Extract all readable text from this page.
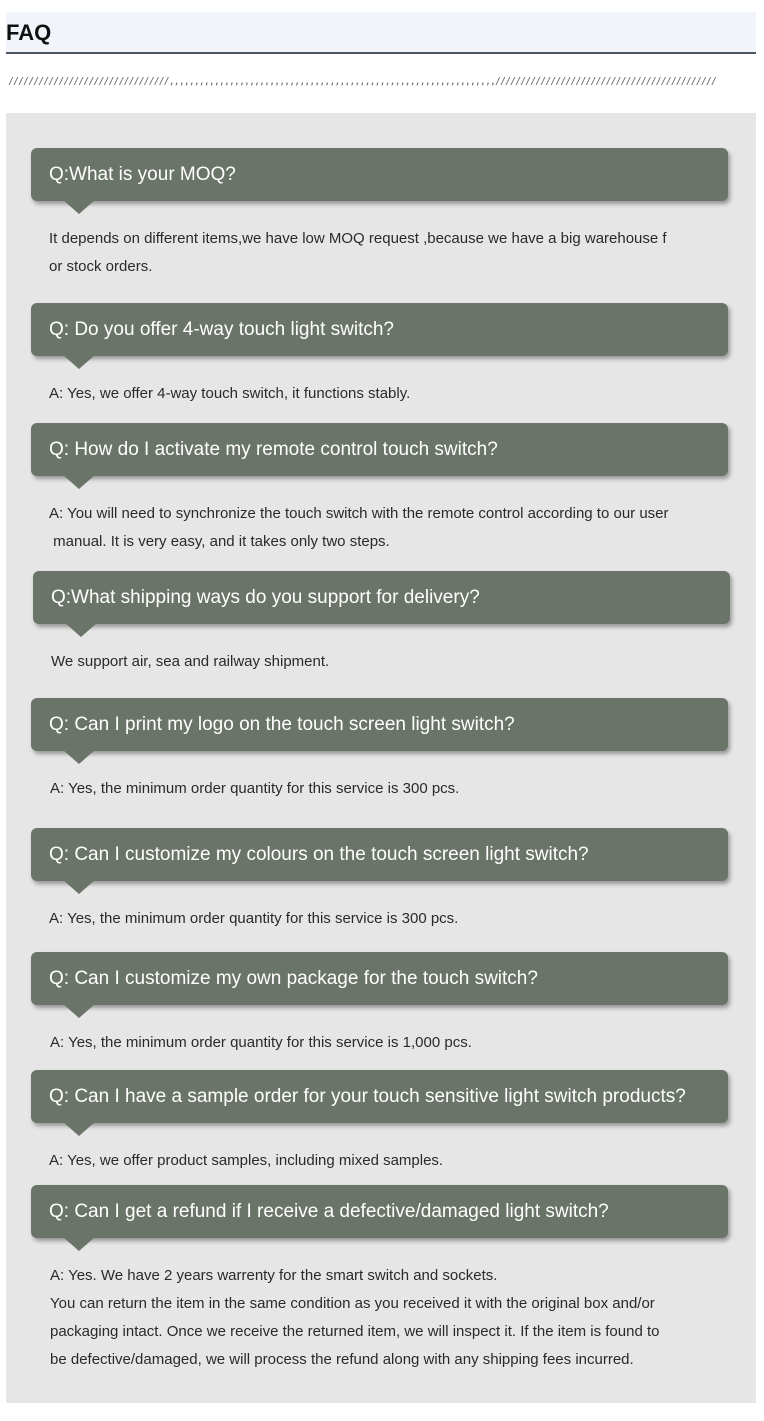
FAQ
////////////////////////////////,,,,,,,,,,,,,,,,,,,,,,,,,,,,,,,,,,,,,,,,,,,,,,,,,,,,,,,,,,,,,,,,,////////////////////////////////////////////
Q:What is your MOQ?

It depends on different items,we have low MOQ request ,because we have a big warehouse f

or stock orders.

Q: Do you offer 4-way touch light switch?

A: Yes, we offer 4-way touch switch, it functions stably.

Q: How do I activate my remote control touch switch?

A: You will need to synchronize the touch switch with the remote control according to our user

manual. It is very easy, and it takes only two steps.

Q:What shipping ways do you support for delivery?

We support air, sea and railway shipment.

Q: Can I print my logo on the touch screen light switch?

A: Yes, the minimum order quantity for this service is 300 pcs.

Q: Can I customize my colours on the touch screen light switch?

A: Yes, the minimum order quantity for this service is 300 pcs.

Q: Can I customize my own package for the touch switch?

A: Yes, the minimum order quantity for this service is 1,000 pcs.

Q: Can I have a sample order for your touch sensitive light switch products?

A: Yes, we offer product samples, including mixed samples.

Q: Can I get a refund if I receive a defective/damaged light switch?

A: Yes. We have 2 years warrenty for the smart switch and sockets.

You can return the item in the same condition as you received it with the original box and/or

packaging intact. Once we receive the returned item, we will inspect it. If the item is found to

be defective/damaged, we will process the refund along with any shipping fees incurred.
